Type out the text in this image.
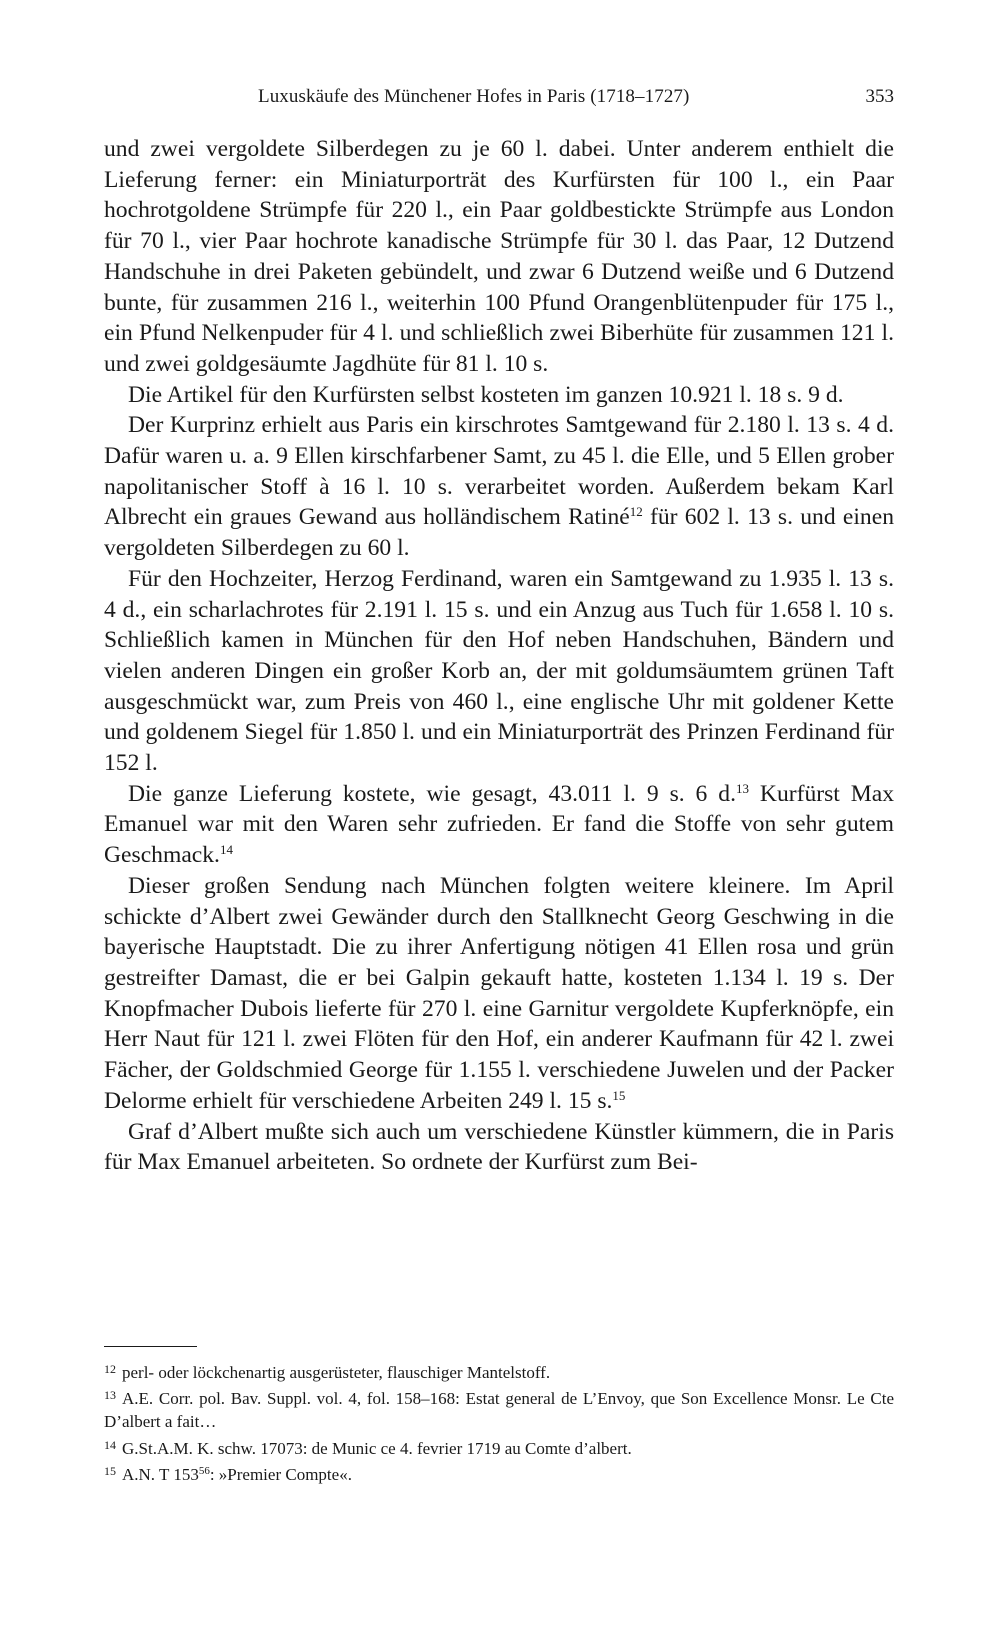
Luxuskäufe des Münchener Hofes in Paris (1718–1727)	353

und zwei vergoldete Silberdegen zu je 60 l. dabei. Unter anderem enthielt die Lieferung ferner: ein Miniaturporträt des Kurfürsten für 100 l., ein Paar hochrotgoldene Strümpfe für 220 l., ein Paar goldbestickte Strümpfe aus London für 70 l., vier Paar hochrote kanadische Strümpfe für 30 l. das Paar, 12 Dutzend Handschuhe in drei Paketen gebündelt, und zwar 6 Dutzend weiße und 6 Dutzend bunte, für zusammen 216 l., weiterhin 100 Pfund Orangenblütenpuder für 175 l., ein Pfund Nelkenpuder für 4 l. und schließlich zwei Biberhüte für zusammen 121 l. und zwei goldgesäumte Jagdhüte für 81 l. 10 s.

Die Artikel für den Kurfürsten selbst kosteten im ganzen 10.921 l. 18 s. 9 d.

Der Kurprinz erhielt aus Paris ein kirschrotes Samtgewand für 2.180 l. 13 s. 4 d. Dafür waren u. a. 9 Ellen kirschfarbener Samt, zu 45 l. die Elle, und 5 Ellen grober napolitanischer Stoff à 16 l. 10 s. verarbeitet worden. Außerdem bekam Karl Albrecht ein graues Gewand aus holländischem Ratiné$^{12}$ für 602 l. 13 s. und einen vergoldeten Silberdegen zu 60 l.

Für den Hochzeiter, Herzog Ferdinand, waren ein Samtgewand zu 1.935 l. 13 s. 4 d., ein scharlachrotes für 2.191 l. 15 s. und ein Anzug aus Tuch für 1.658 l. 10 s. Schließlich kamen in München für den Hof neben Handschuhen, Bändern und vielen anderen Dingen ein großer Korb an, der mit goldumsäumtem grünen Taft ausgeschmückt war, zum Preis von 460 l., eine englische Uhr mit goldener Kette und goldenem Siegel für 1.850 l. und ein Miniaturporträt des Prinzen Ferdinand für 152 l.

Die ganze Lieferung kostete, wie gesagt, 43.011 l. 9 s. 6 d.$^{13}$ Kurfürst Max Emanuel war mit den Waren sehr zufrieden. Er fand die Stoffe von sehr gutem Geschmack.$^{14}$

Dieser großen Sendung nach München folgten weitere kleinere. Im April schickte d’Albert zwei Gewänder durch den Stallknecht Georg Geschwing in die bayerische Hauptstadt. Die zu ihrer Anfertigung nötigen 41 Ellen rosa und grün gestreifter Damast, die er bei Galpin gekauft hatte, kosteten 1.134 l. 19 s. Der Knopfmacher Dubois lieferte für 270 l. eine Garnitur vergoldete Kupferknöpfe, ein Herr Naut für 121 l. zwei Flöten für den Hof, ein anderer Kaufmann für 42 l. zwei Fächer, der Goldschmied George für 1.155 l. verschiedene Juwelen und der Packer Delorme erhielt für verschiedene Arbeiten 249 l. 15 s.$^{15}$

Graf d’Albert mußte sich auch um verschiedene Künstler kümmern, die in Paris für Max Emanuel arbeiteten. So ordnete der Kurfürst zum Bei-

$^{12}$ perl- oder löckchenartig ausgerüsteter, flauschiger Mantelstoff.

$^{13}$ A.E. Corr. pol. Bav. Suppl. vol. 4, fol. 158–168: Estat general de L’Envoy, que Son Excellence Monsr. Le Cte D’albert a fait…

$^{14}$ G.St.A.M. K. schw. 17073: de Munic ce 4. fevrier 1719 au Comte d’albert.

$^{15}$ A.N. T 153$^{56}$: »Premier Compte«.
